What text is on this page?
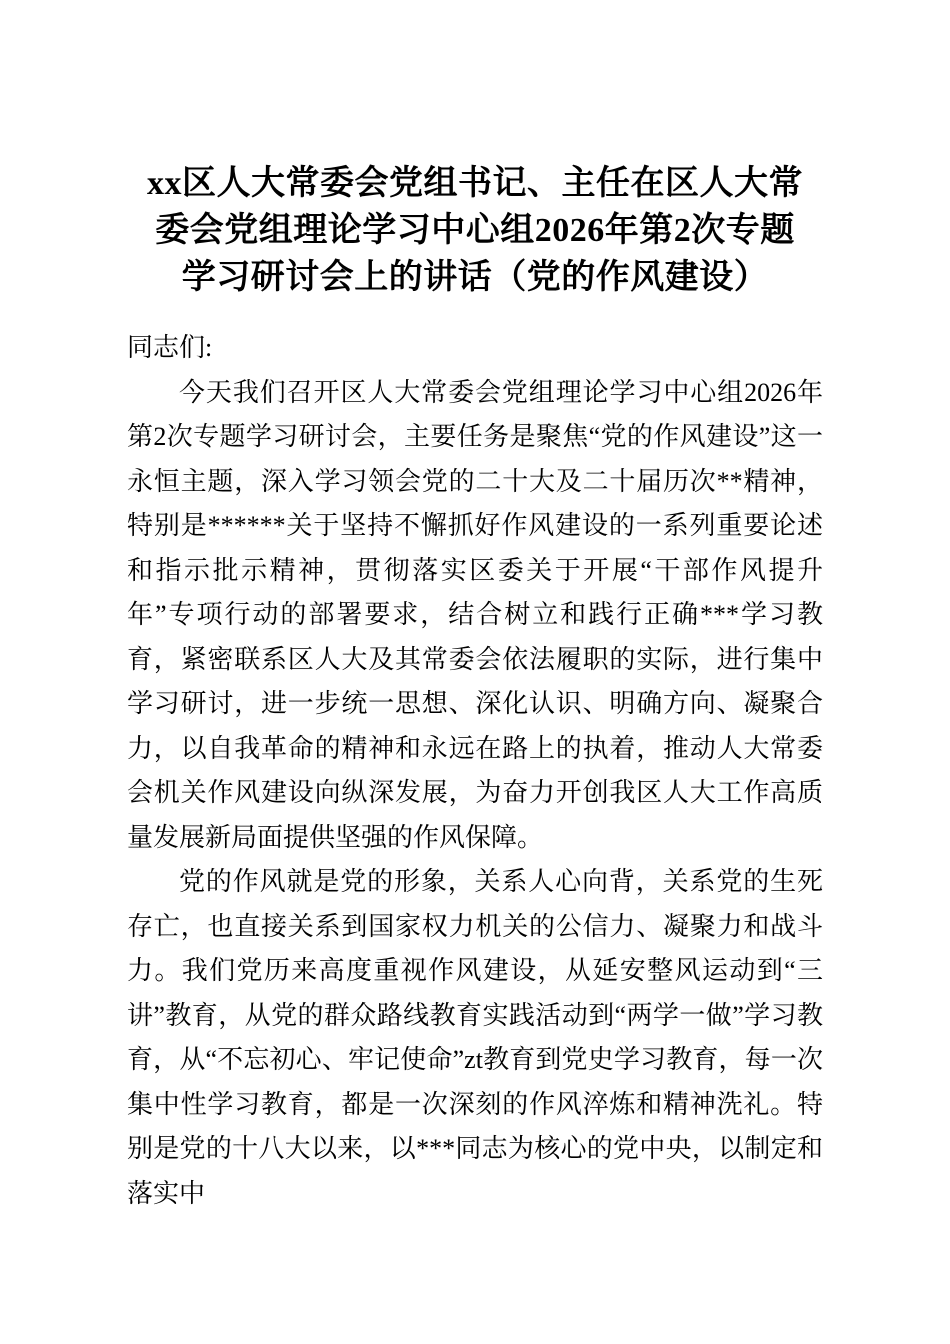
xx区人大常委会党组书记、主任在区人大常
委会党组理论学习中心组2026年第2次专题
学习研讨会上的讲话（党的作风建设）

同志们:

今天我们召开区人大常委会党组理论学习中心组2026年第2次专题学习研讨会，主要任务是聚焦“党的作风建设”这一永恒主题，深入学习领会党的二十大及二十届历次**精神，特别是******关于坚持不懈抓好作风建设的一系列重要论述和指示批示精神，贯彻落实区委关于开展“干部作风提升年”专项行动的部署要求，结合树立和践行正确***学习教育，紧密联系区人大及其常委会依法履职的实际，进行集中学习研讨，进一步统一思想、深化认识、明确方向、凝聚合力，以自我革命的精神和永远在路上的执着，推动人大常委会机关作风建设向纵深发展，为奋力开创我区人大工作高质量发展新局面提供坚强的作风保障。

党的作风就是党的形象，关系人心向背，关系党的生死存亡，也直接关系到国家权力机关的公信力、凝聚力和战斗力。我们党历来高度重视作风建设，从延安整风运动到“三讲”教育，从党的群众路线教育实践活动到“两学一做”学习教育，从“不忘初心、牢记使命”zt教育到党史学习教育，每一次集中性学习教育，都是一次深刻的作风淬炼和精神洗礼。特别是党的十八大以来，以***同志为核心的党中央，以制定和落实中
